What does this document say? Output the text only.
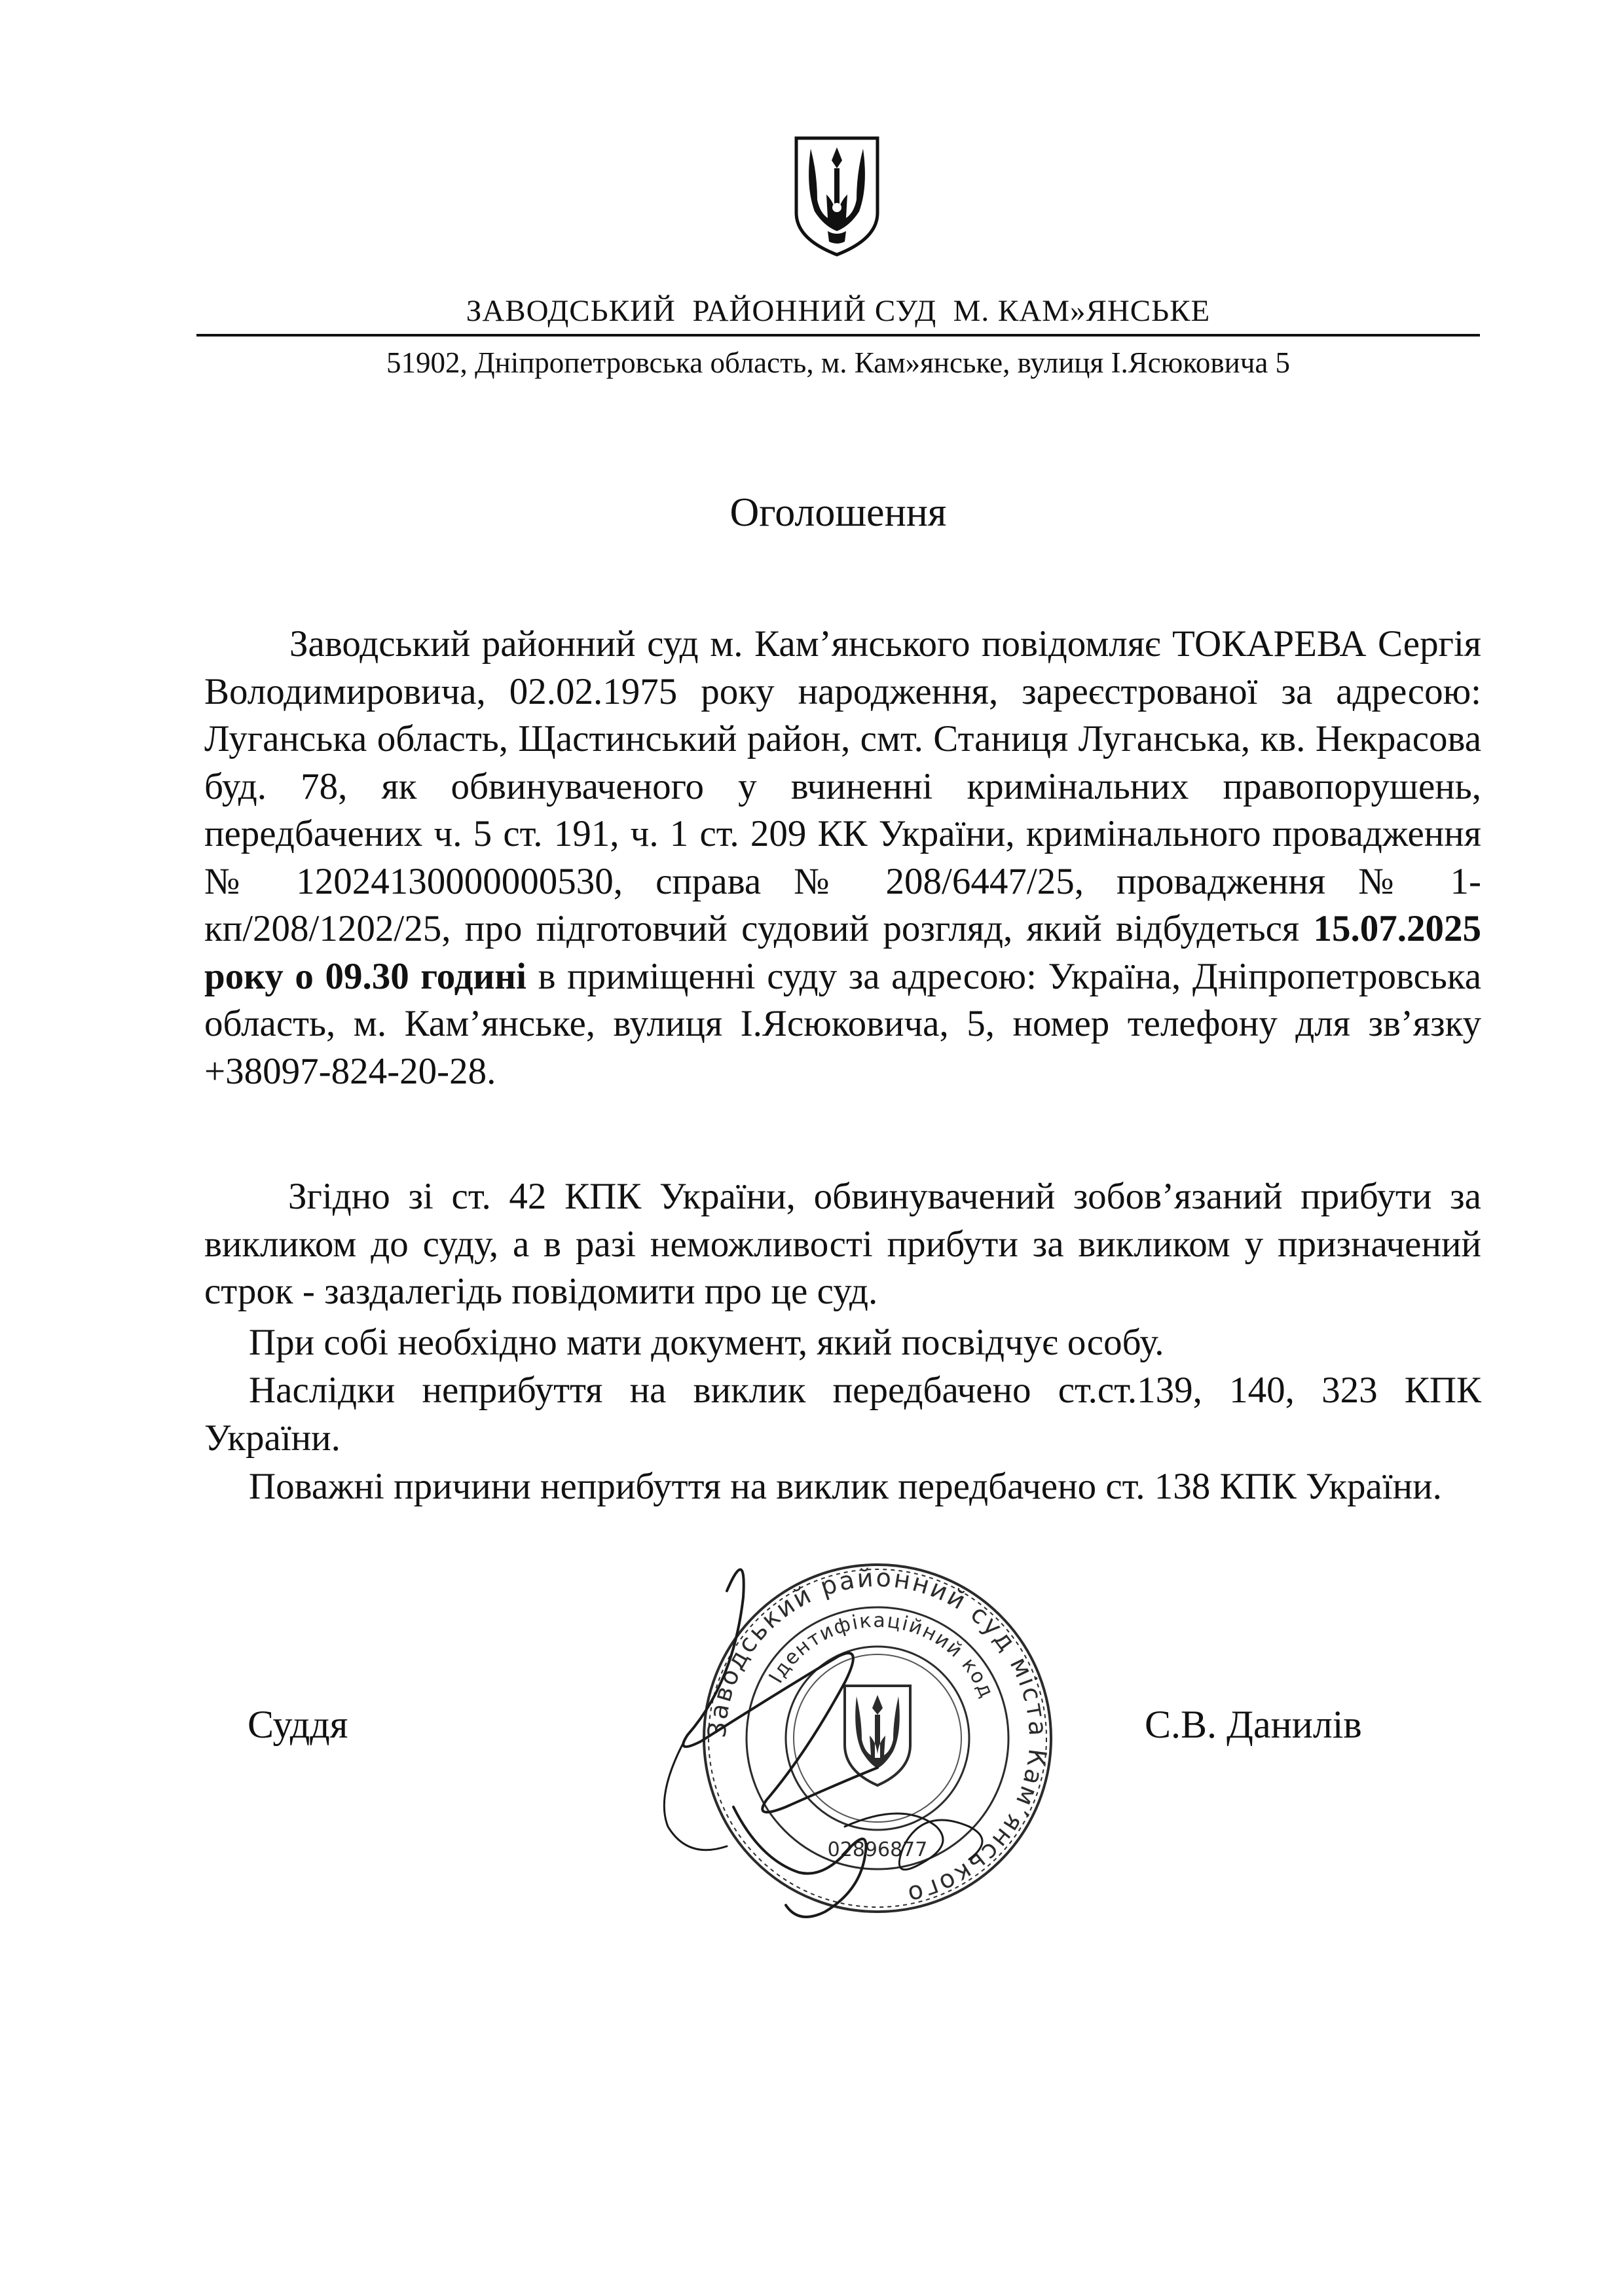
ЗАВОДСЬКИЙ  РАЙОННИЙ СУД  М. КАМ»ЯНСЬКЕ
51902, Дніпропетровська область, м. Кам»янське, вулиця І.Ясюковича 5
Оголошення
Заводський районний суд м. Кам’янського повідомляє ТОКАРЕВА Сергія Володимировича, 02.02.1975 року народження, зареєстрованої за адресою: Луганська область, Щастинський район, смт. Станиця Луганська, кв. Некрасова буд. 78, як обвинуваченого у вчиненні кримінальних правопорушень, передбачених ч. 5 ст. 191, ч. 1 ст. 209 КК України, кримінального провадження № 12024130000000530, справа № 208/6447/25, провадження № 1-кп/208/1202/25, про підготовчий судовий розгляд, який відбудеться 15.07.2025 року о 09.30 годині в приміщенні суду за адресою: Україна, Дніпропетровська область, м. Кам’янське, вулиця І.Ясюковича, 5, номер телефону для зв’язку +38097-824-20-28.
Згідно зі ст. 42 КПК України, обвинувачений зобов’язаний прибути за викликом до суду, а в разі неможливості прибути за викликом у призначений строк - заздалегідь повідомити про це суд.
При собі необхідно мати документ, який посвідчує особу.
Наслідки неприбуття на виклик передбачено ст.ст.139, 140, 323 КПК України.
Поважні причини неприбуття на виклик передбачено ст. 138 КПК України.
Заводський районний суд міста Кам’янського
Ідентифікаційний код
02896877
Суддя	С.В. Данилів
